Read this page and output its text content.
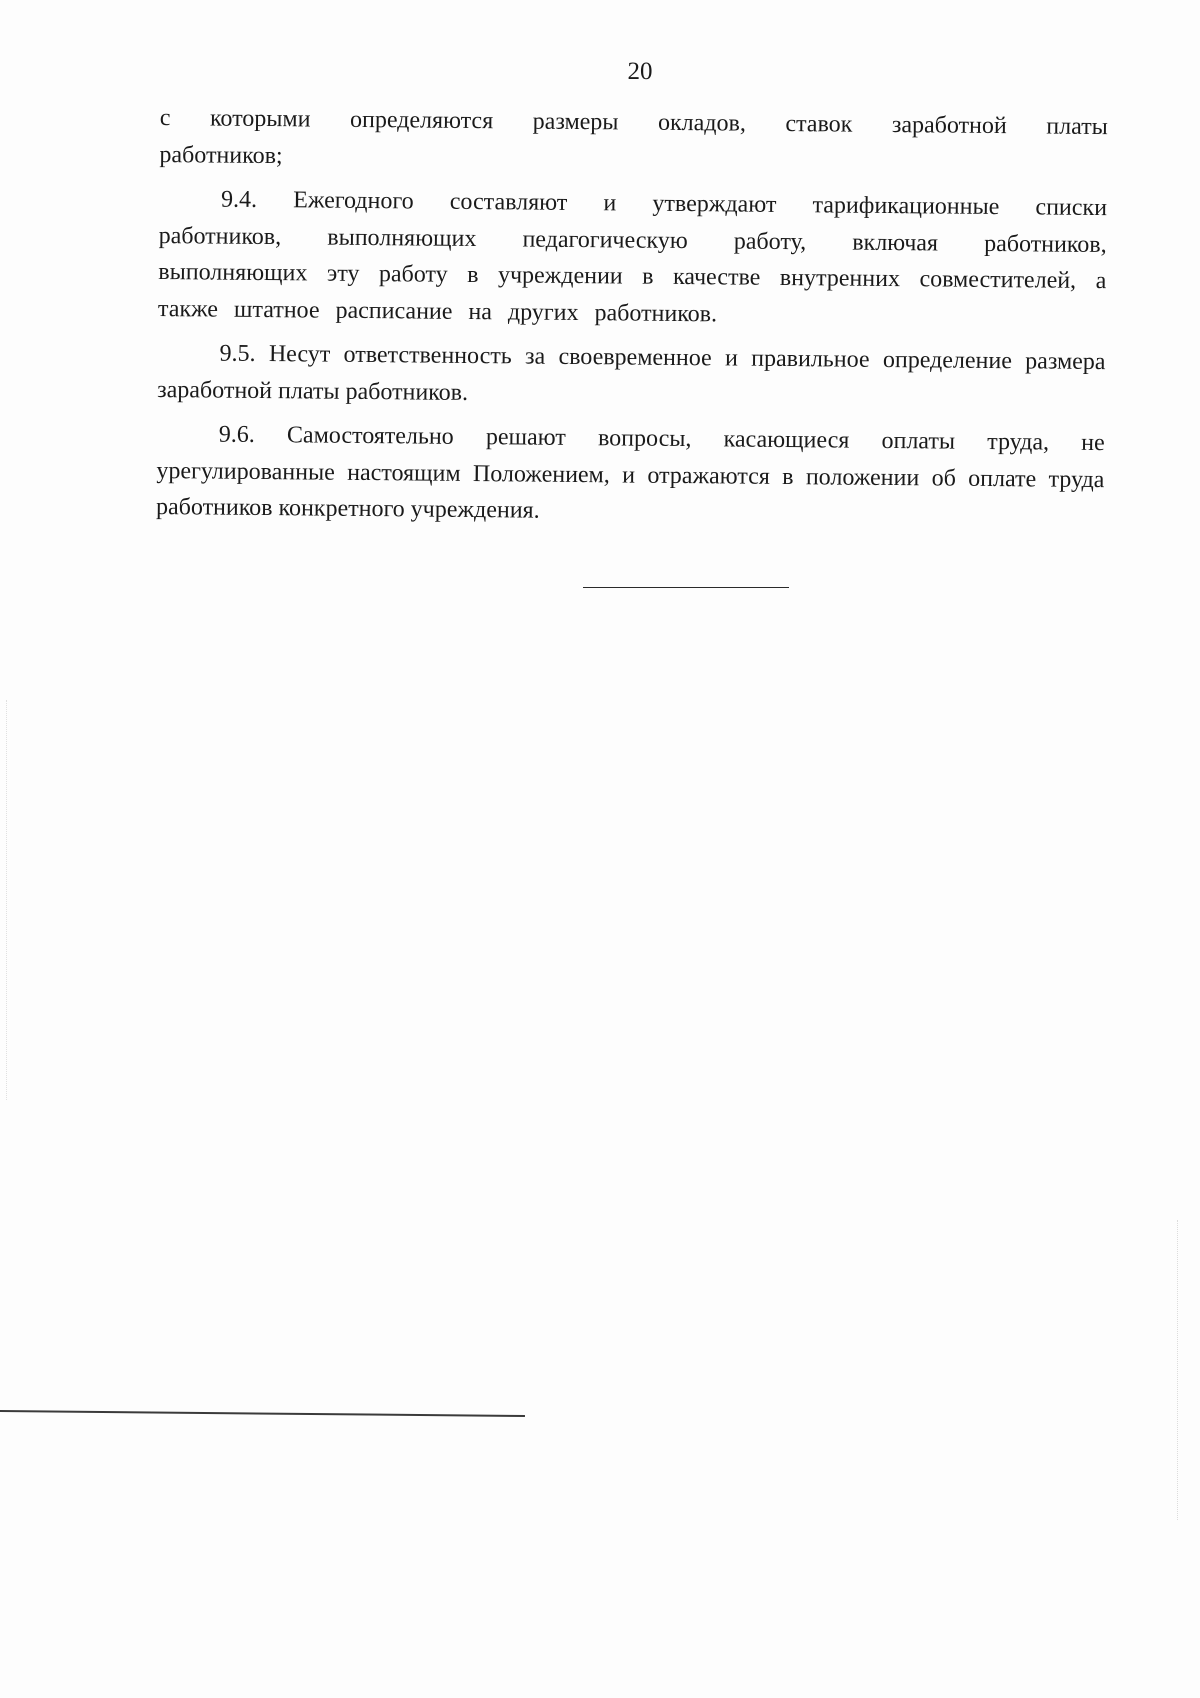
20

с которыми определяются размеры окладов, ставок заработной платы работников;

9.4. Ежегодного составляют и утверждают тарификационные списки работников, выполняющих педагогическую работу, включая работников, выполняющих эту работу в учреждении в качестве внутренних совместителей, а также штатное расписание на других работников.

9.5. Несут ответственность за своевременное и правильное определение размера заработной платы работников.

9.6. Самостоятельно решают вопросы, касающиеся оплаты труда, не урегулированные настоящим Положением, и отражаются в положении об оплате труда работников конкретного учреждения.
